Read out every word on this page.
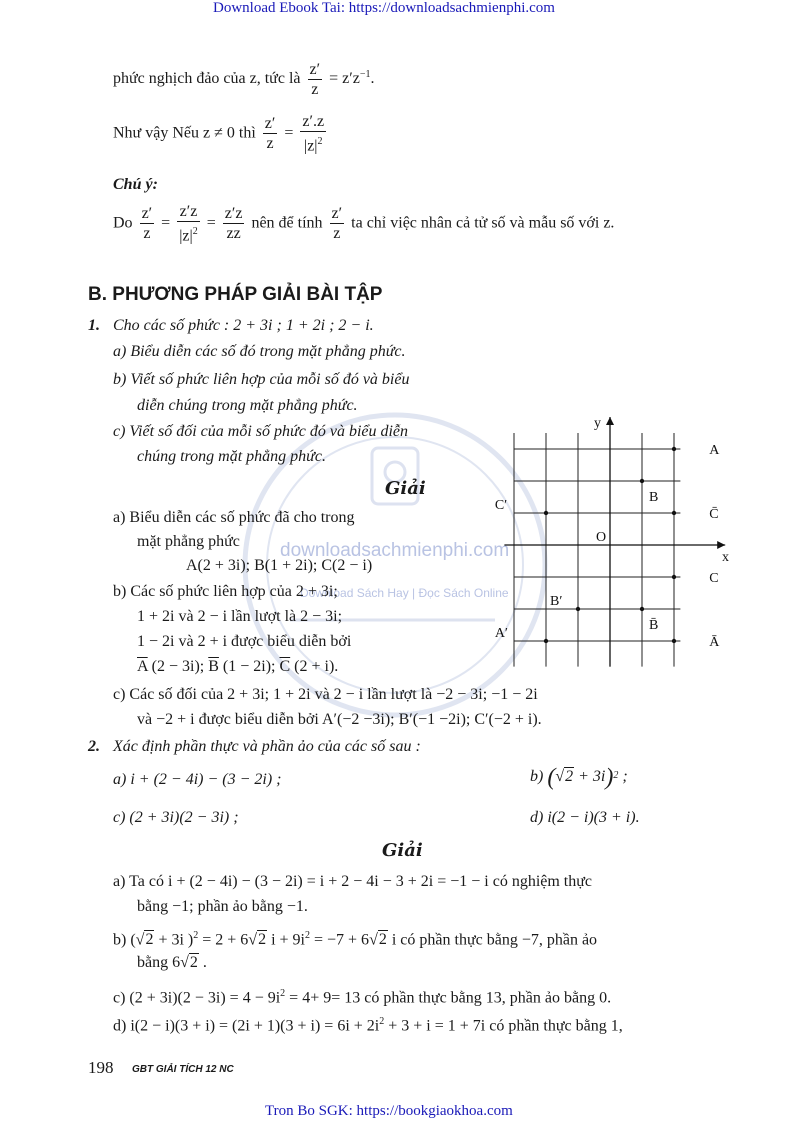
downloadsachmienphi.com
Download Sách Hay | Đọc Sách Online
Download Ebook Tai: https://downloadsachmienphi.com
phức nghịch đảo của z, tức là $\frac{z'}{z} = z'z^{-1}$.
Như vậy Nếu z ≠ 0 thì $\frac{z'}{z} = \frac{z'.z}{|z|^2}$
Chú ý:
Do $\frac{z'}{z} = \frac{z'z}{|z|^2} = \frac{z'z}{zz}$ nên để tính $\frac{z'}{z}$ ta chỉ việc nhân cả tử số và mẫu số với z.
B. PHƯƠNG PHÁP GIẢI BÀI TẬP
1. Cho các số phức : 2 + 3i ; 1 + 2i ; 2 − i.
a) Biểu diễn các số đó trong mặt phẳng phức.
b) Viết số phức liên hợp của mỗi số đó và biểu
diễn chúng trong mặt phẳng phức.
c) Viết số đối của mỗi số phức đó và biểu diễn
chúng trong mặt phẳng phức.
Giải
a) Biểu diễn các số phức đã cho trong
mặt phẳng phức
A(2 + 3i); B(1 + 2i); C(2 − i)
b) Các số phức liên hợp của 2 + 3i;
1 + 2i và 2 − i lần lượt là 2 − 3i;
1 − 2i và 2 + i được biểu diễn bởi
$\overline{A}$ (2 − 3i); $\overline{B}$ (1 − 2i); $\overline{C}$ (2 + i).
c) Các số đối của 2 + 3i; 1 + 2i và 2 − i lần lượt là −2 − 3i; −1 − 2i
và −2 + i được biểu diễn bởi A′(−2 −3i); B′(−1 −2i); C′(−2 + i).
x
y
O
A
B
C
Ā
B̄
C̄
A′
B′
C′
2. Xác định phần thực và phần ảo của các số sau :
a) i + (2 − 4i) − (3 − 2i) ;	b) $(√2 + 3i)^2$ ;
c) (2 + 3i)(2 − 3i) ;	d) i(2 − i)(3 + i).
Giải
a) Ta có i + (2 − 4i) − (3 − 2i) = i + 2 − 4i − 3 + 2i = −1 − i có nghiệm thực
bằng −1; phần ảo bằng −1.
b) (√2 + 3i )$^2$ = 2 + 6√2 $i + 9i^2 = -7 + 6√2$ i có phần thực bằng −7, phần ảo
bằng 6√2 .
c) $(2 + 3i)(2 - 3i) = 4 - 9i^2 = 4+ 9= 13$ có phần thực bằng 13, phần ảo bằng 0.
d) $i(2 - i)(3 + i) = (2i + 1)(3 + i) = 6i + 2i^2 + 3 + i = 1 + 7i$ có phần thực bằng 1,
198 GBT GIẢI TÍCH 12 NC
Tron Bo SGK: https://bookgiaokhoa.com
